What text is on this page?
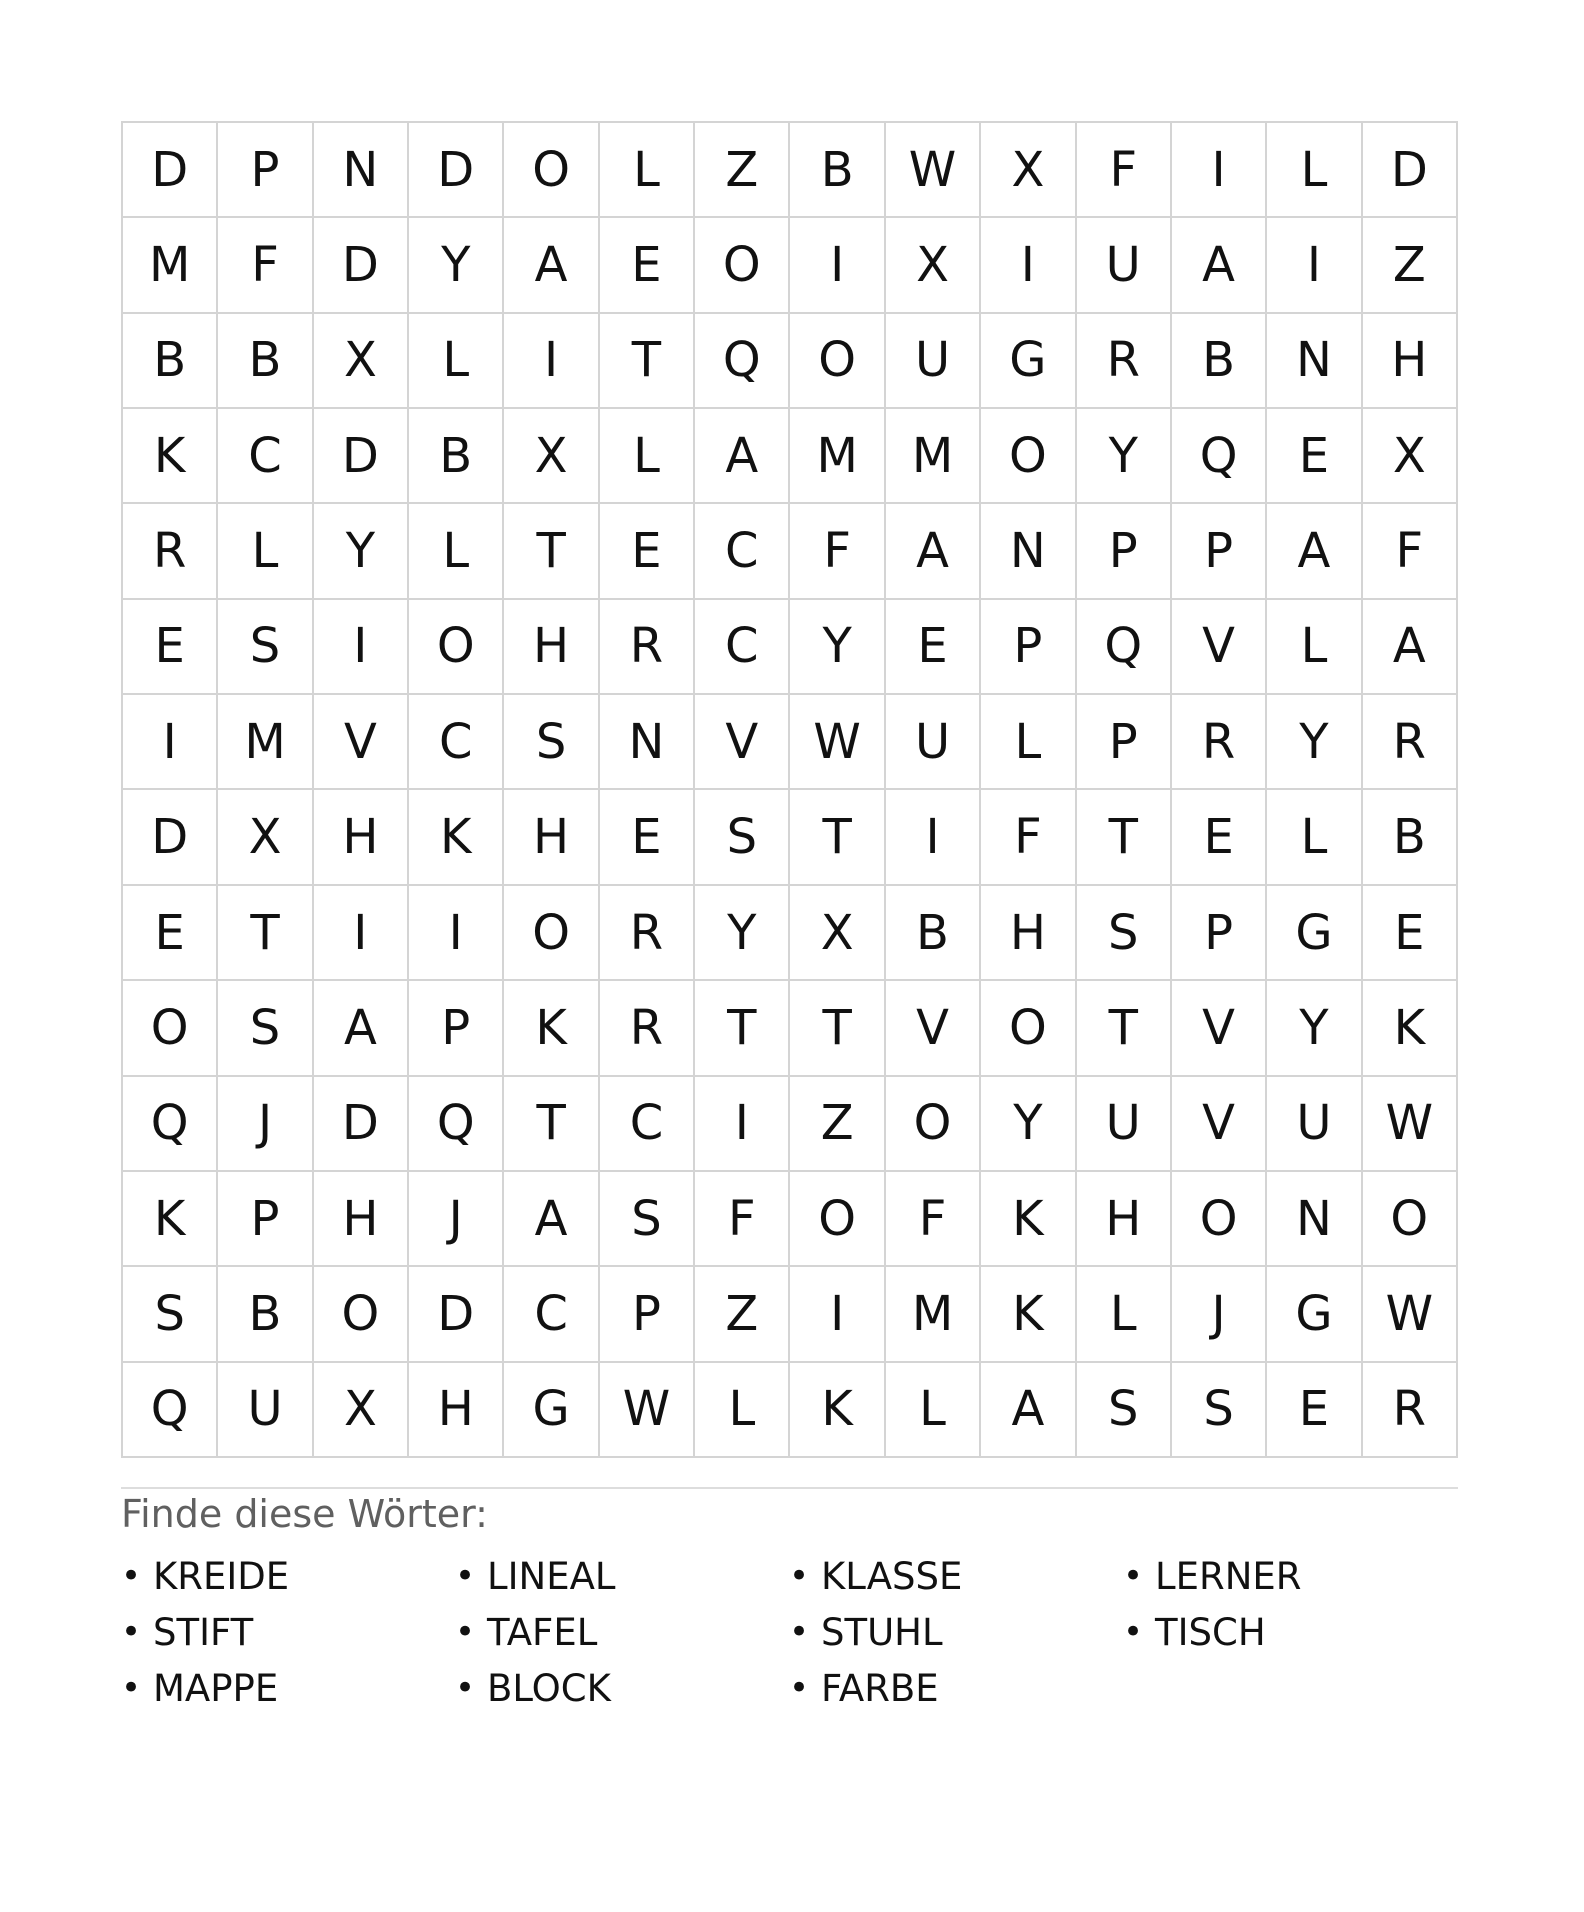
D	P	N	D	O	L	Z	B	W	X	F	I	L	D
M	F	D	Y	A	E	O	I	X	I	U	A	I	Z
B	B	X	L	I	T	Q	O	U	G	R	B	N	H
K	C	D	B	X	L	A	M	M	O	Y	Q	E	X
R	L	Y	L	T	E	C	F	A	N	P	P	A	F
E	S	I	O	H	R	C	Y	E	P	Q	V	L	A
I	M	V	C	S	N	V	W	U	L	P	R	Y	R
D	X	H	K	H	E	S	T	I	F	T	E	L	B
E	T	I	I	O	R	Y	X	B	H	S	P	G	E
O	S	A	P	K	R	T	T	V	O	T	V	Y	K
Q	J	D	Q	T	C	I	Z	O	Y	U	V	U	W
K	P	H	J	A	S	F	O	F	K	H	O	N	O
S	B	O	D	C	P	Z	I	M	K	L	J	G	W
Q	U	X	H	G	W	L	K	L	A	S	S	E	R
Finde diese Wörter:
• KREIDE	• LINEAL	• KLASSE	• LERNER
• STIFT	• TAFEL	• STUHL	• TISCH
• MAPPE	• BLOCK	• FARBE
